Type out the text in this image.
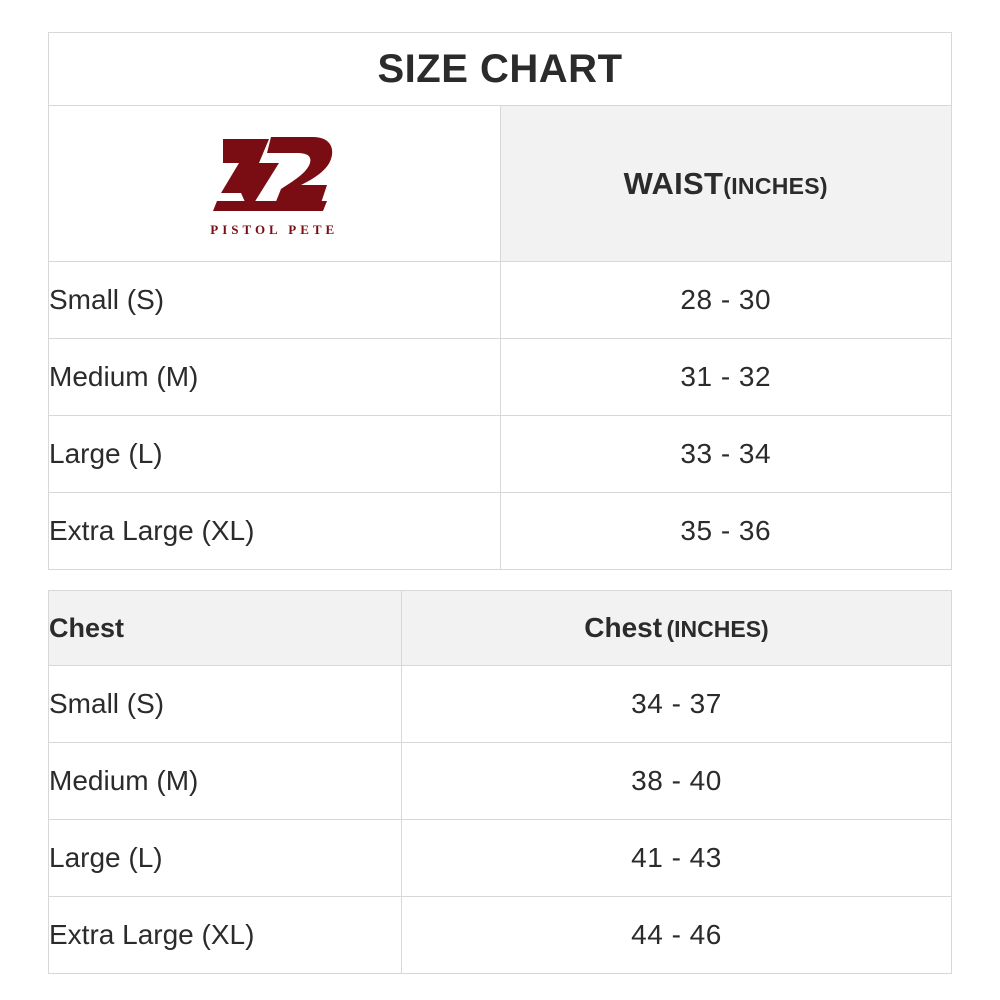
SIZE CHART	

PISTOL PETE	WAIST(INCHES)
Small (S)	28 - 30
Medium (M)	31 - 32
Large (L)	33 - 34
Extra Large (XL)	35 - 36
Chest	Chest (INCHES)
Small (S)	34 - 37
Medium (M)	38 - 40
Large (L)	41 - 43
Extra Large (XL)	44 - 46
